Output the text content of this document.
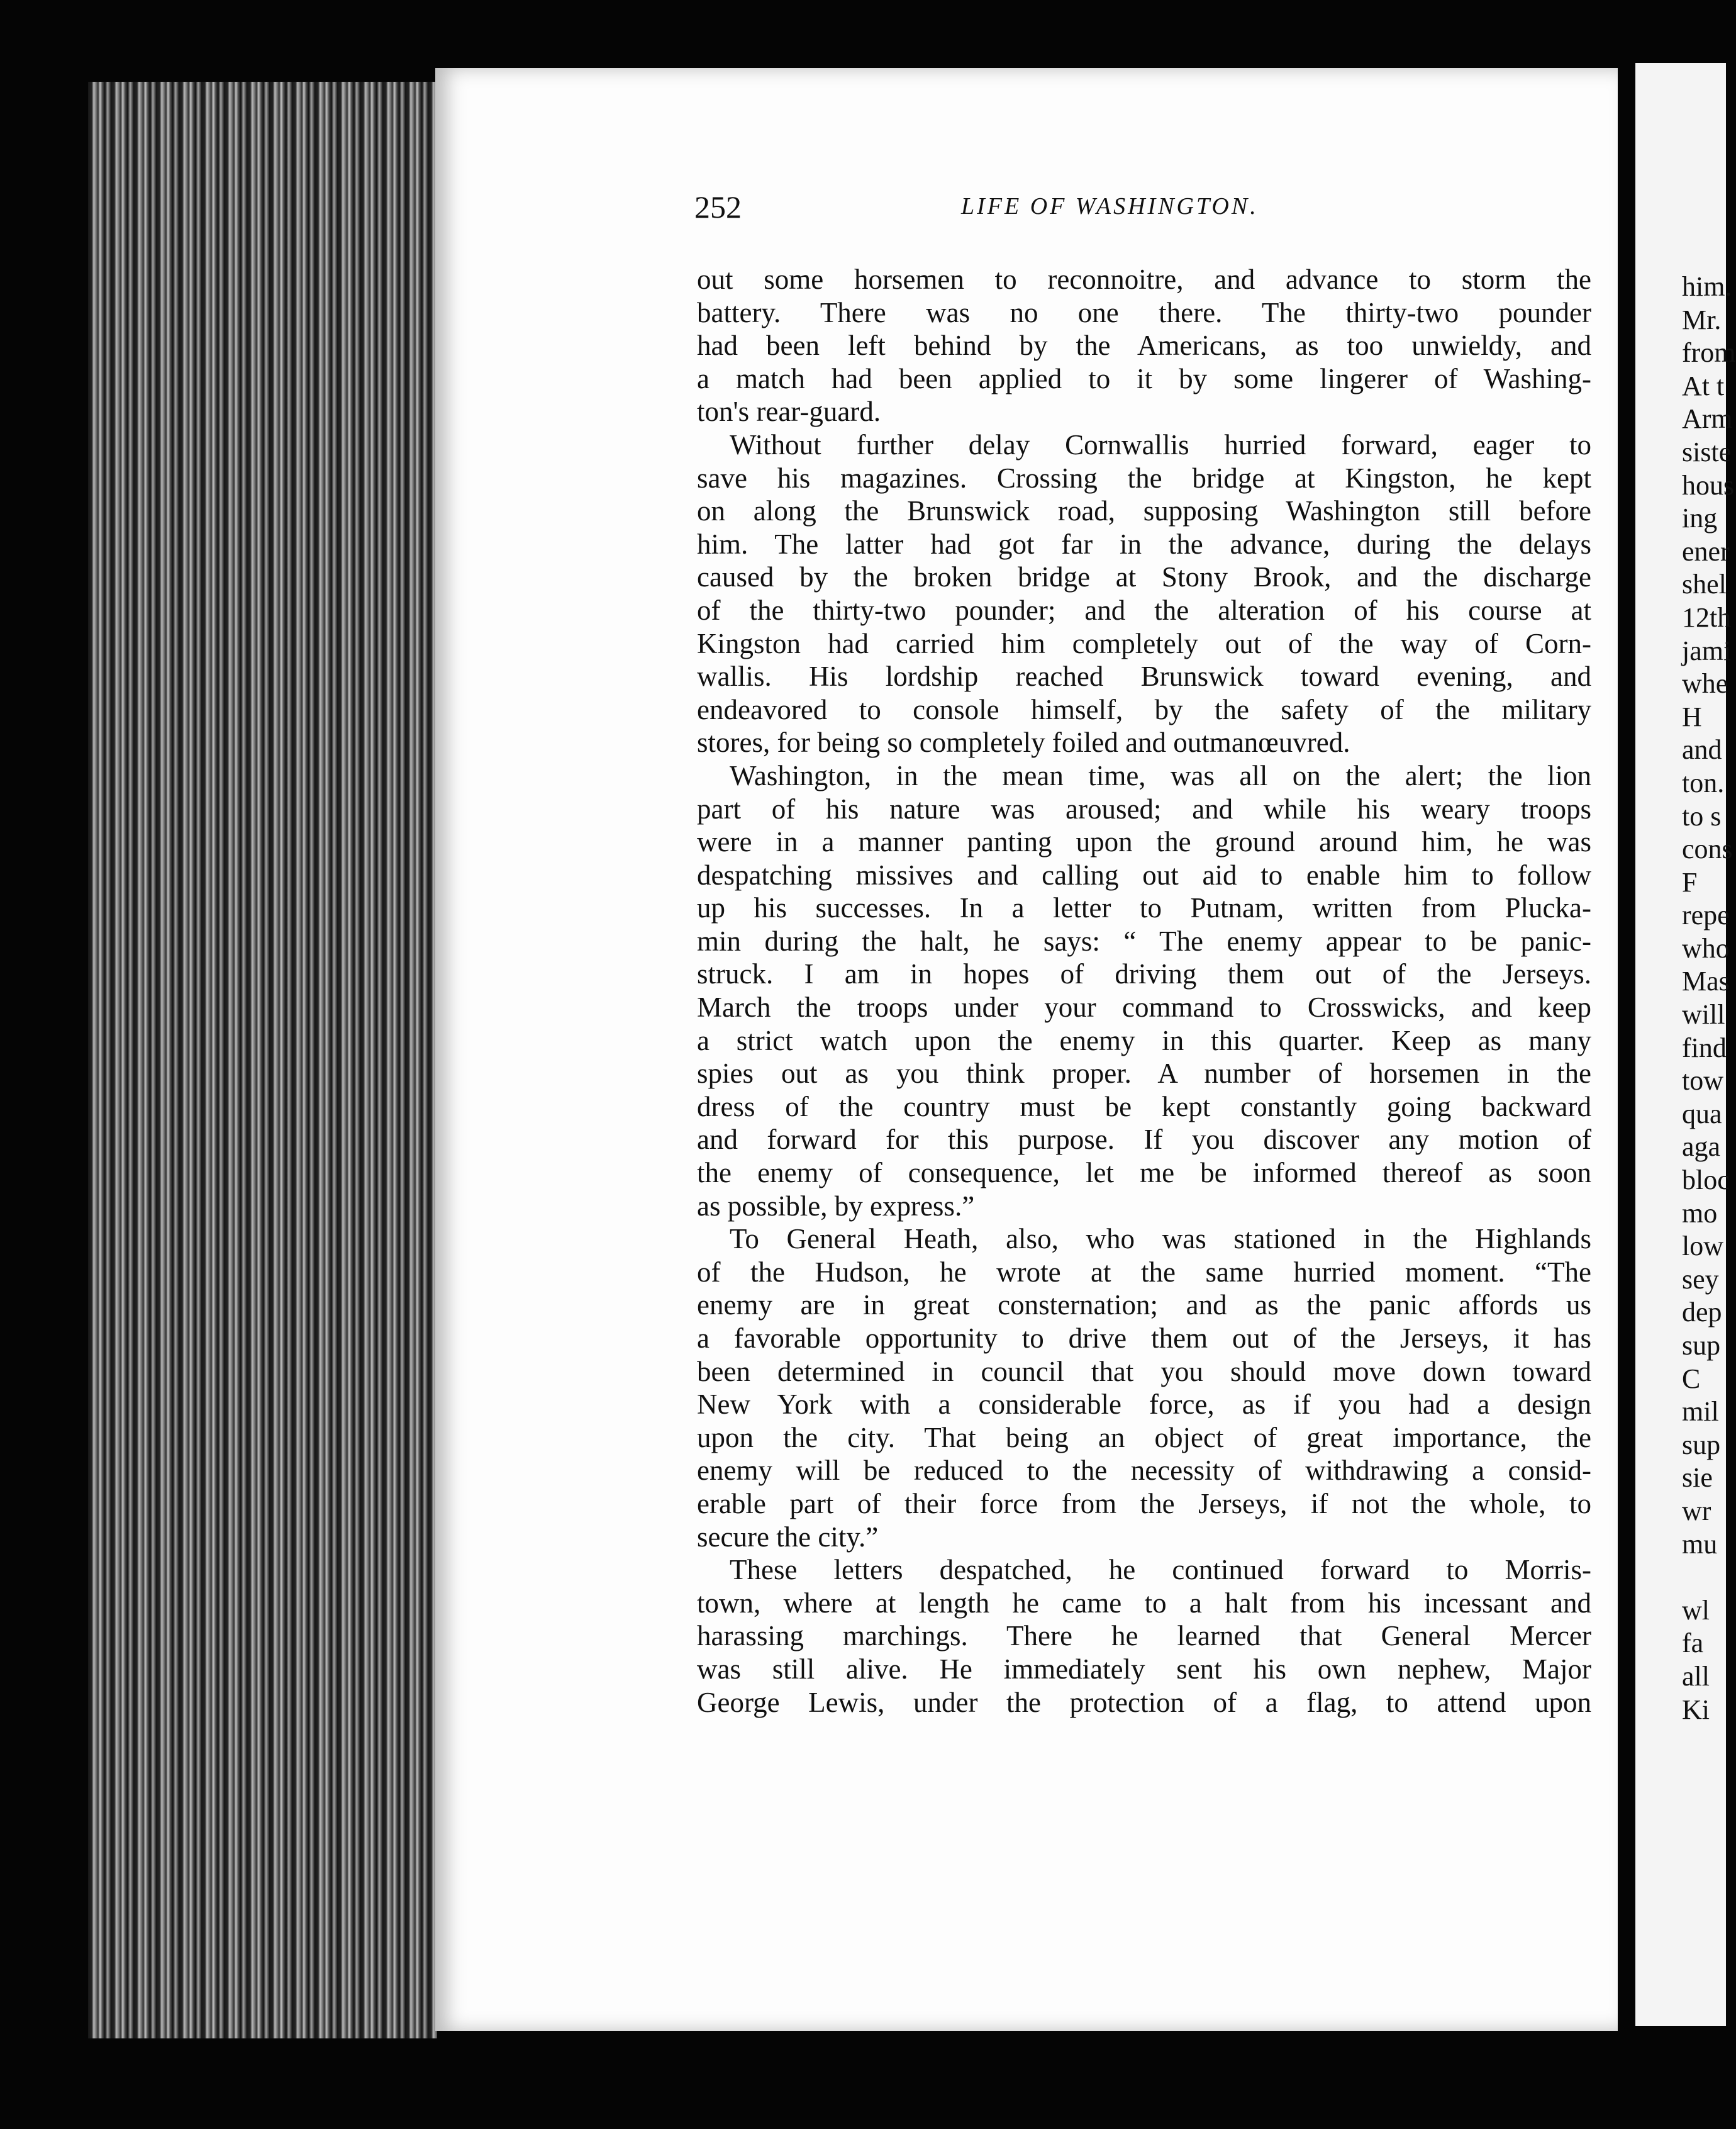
him.
Mr.
from
At t
Arm
siste
hous
ing
ener
shel
12th
jami
whe
H
and
ton.
to s
cons
F
repe
who
Mas
will
find
tow
qua
aga
bloc
mo
low
sey
dep
sup
C
mil
sup
sie
wr
mu

wl
fa
all
Ki
252	LIFE OF WASHINGTON.
out some horsemen to reconnoitre, and advance to storm the
battery. There was no one there. The thirty-two pounder
had been left behind by the Americans, as too unwieldy, and
a match had been applied to it by some lingerer of Washing-
ton's rear-guard.
Without further delay Cornwallis hurried forward, eager to
save his magazines. Crossing the bridge at Kingston, he kept
on along the Brunswick road, supposing Washington still before
him. The latter had got far in the advance, during the delays
caused by the broken bridge at Stony Brook, and the discharge
of the thirty-two pounder; and the alteration of his course at
Kingston had carried him completely out of the way of Corn-
wallis. His lordship reached Brunswick toward evening, and
endeavored to console himself, by the safety of the military
stores, for being so completely foiled and outmanœuvred.
Washington, in the mean time, was all on the alert; the lion
part of his nature was aroused; and while his weary troops
were in a manner panting upon the ground around him, he was
despatching missives and calling out aid to enable him to follow
up his successes. In a letter to Putnam, written from Plucka-
min during the halt, he says: “ The enemy appear to be panic-
struck. I am in hopes of driving them out of the Jerseys.
March the troops under your command to Crosswicks, and keep
a strict watch upon the enemy in this quarter. Keep as many
spies out as you think proper. A number of horsemen in the
dress of the country must be kept constantly going backward
and forward for this purpose. If you discover any motion of
the enemy of consequence, let me be informed thereof as soon
as possible, by express.”
To General Heath, also, who was stationed in the Highlands
of the Hudson, he wrote at the same hurried moment. “The
enemy are in great consternation; and as the panic affords us
a favorable opportunity to drive them out of the Jerseys, it has
been determined in council that you should move down toward
New York with a considerable force, as if you had a design
upon the city. That being an object of great importance, the
enemy will be reduced to the necessity of withdrawing a consid-
erable part of their force from the Jerseys, if not the whole, to
secure the city.”
These letters despatched, he continued forward to Morris-
town, where at length he came to a halt from his incessant and
harassing marchings. There he learned that General Mercer
was still alive. He immediately sent his own nephew, Major
George Lewis, under the protection of a flag, to attend upon
